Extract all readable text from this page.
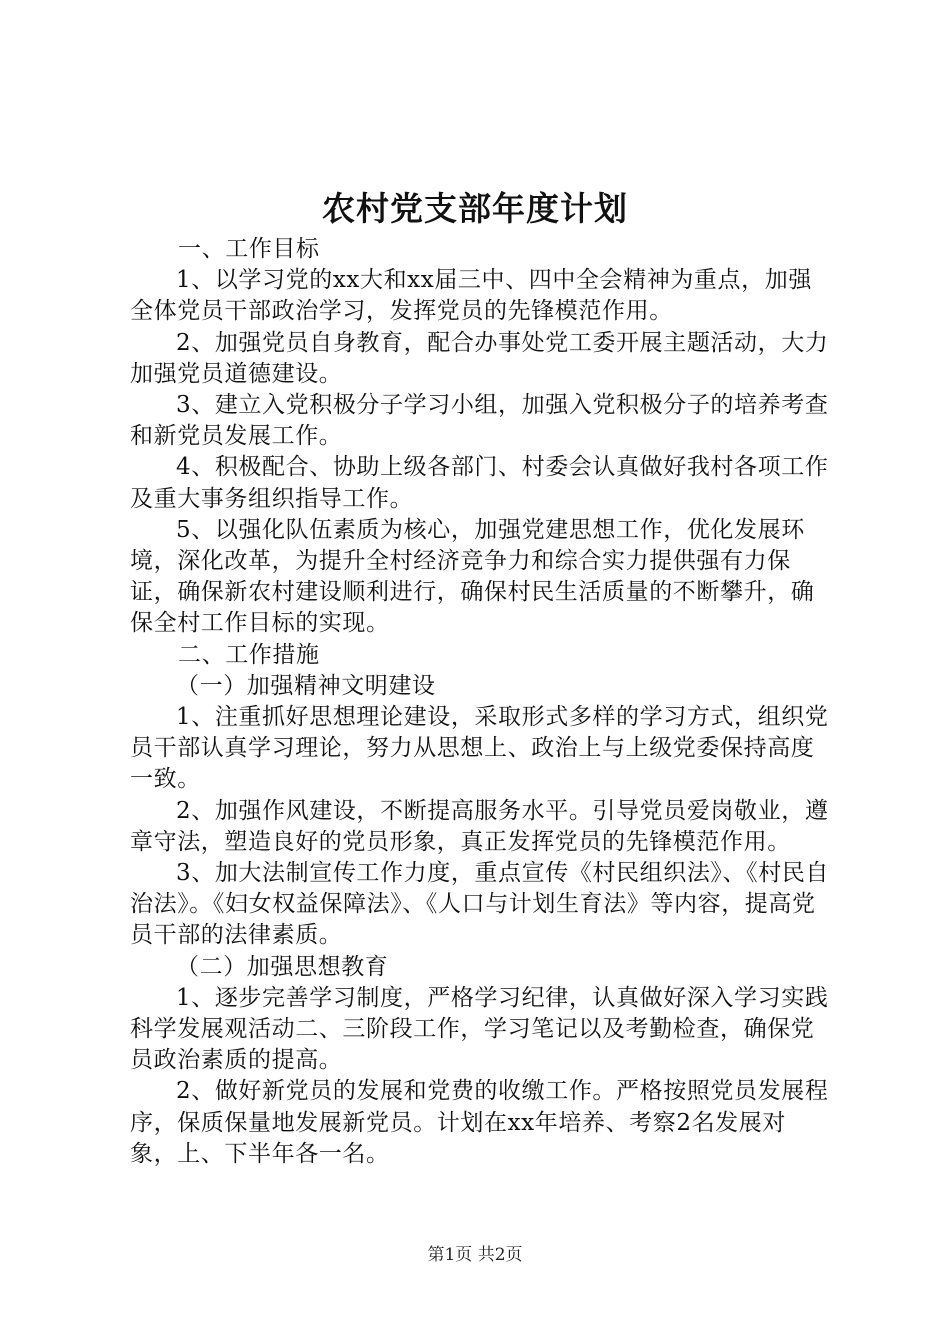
农村党支部年度计划

一、工作目标

1、以学习党的xx大和xx届三中、四中全会精神为重点，加强全体党员干部政治学习，发挥党员的先锋模范作用。

2、加强党员自身教育，配合办事处党工委开展主题活动，大力加强党员道德建设。

3、建立入党积极分子学习小组，加强入党积极分子的培养考查和新党员发展工作。

4、积极配合、协助上级各部门、村委会认真做好我村各项工作及重大事务组织指导工作。

5、以强化队伍素质为核心，加强党建思想工作，优化发展环境，深化改革，为提升全村经济竞争力和综合实力提供强有力保证，确保新农村建设顺利进行，确保村民生活质量的不断攀升，确保全村工作目标的实现。

二、工作措施

（一）加强精神文明建设

1、注重抓好思想理论建设，采取形式多样的学习方式，组织党员干部认真学习理论，努力从思想上、政治上与上级党委保持高度一致。

2、加强作风建设，不断提高服务水平。引导党员爱岗敬业，遵章守法，塑造良好的党员形象，真正发挥党员的先锋模范作用。

3、加大法制宣传工作力度，重点宣传《村民组织法》、《村民自治法》。《妇女权益保障法》、《人口与计划生育法》等内容，提高党员干部的法律素质。

（二）加强思想教育

1、逐步完善学习制度，严格学习纪律，认真做好深入学习实践科学发展观活动二、三阶段工作，学习笔记以及考勤检查，确保党员政治素质的提高。

2、做好新党员的发展和党费的收缴工作。严格按照党员发展程序，保质保量地发展新党员。计划在xx年培养、考察2名发展对象，上、下半年各一名。

第1页 共2页
